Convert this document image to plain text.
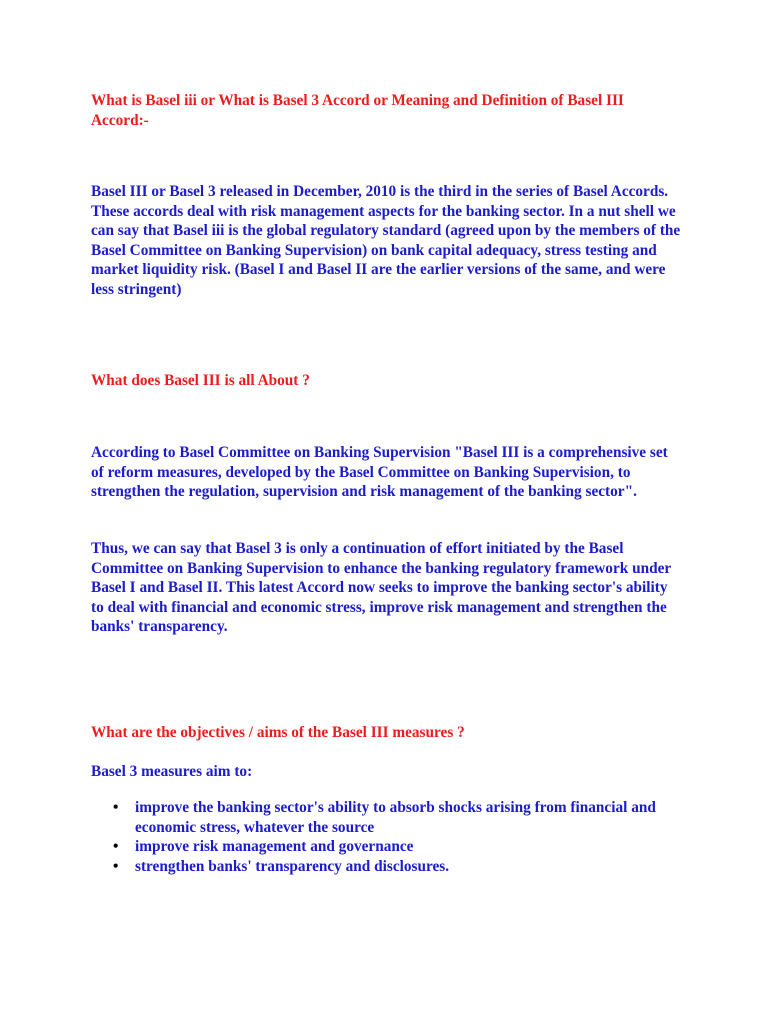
What is Basel iii or What is Basel 3 Accord or Meaning and Definition of Basel III Accord:-

Basel III or Basel 3 released in December, 2010 is the third in the series of Basel Accords. These accords deal with risk management aspects for the banking sector. In a nut shell we can say that Basel iii is the global regulatory standard (agreed upon by the members of the Basel Committee on Banking Supervision) on bank capital adequacy, stress testing and market liquidity risk. (Basel I and Basel II are the earlier versions of the same, and were less stringent)

What does Basel III is all About ?

According to Basel Committee on Banking Supervision "Basel III is a comprehensive set of reform measures, developed by the Basel Committee on Banking Supervision, to strengthen the regulation, supervision and risk management of the banking sector".

Thus, we can say that Basel 3 is only a continuation of effort initiated by the Basel Committee on Banking Supervision to enhance the banking regulatory framework under Basel I and Basel II. This latest Accord now seeks to improve the banking sector's ability to deal with financial and economic stress, improve risk management and strengthen the banks' transparency.

What are the objectives / aims of the Basel III measures ?

Basel 3 measures aim to:

• improve the banking sector's ability to absorb shocks arising from financial and economic stress, whatever the source
• improve risk management and governance
• strengthen banks' transparency and disclosures.
